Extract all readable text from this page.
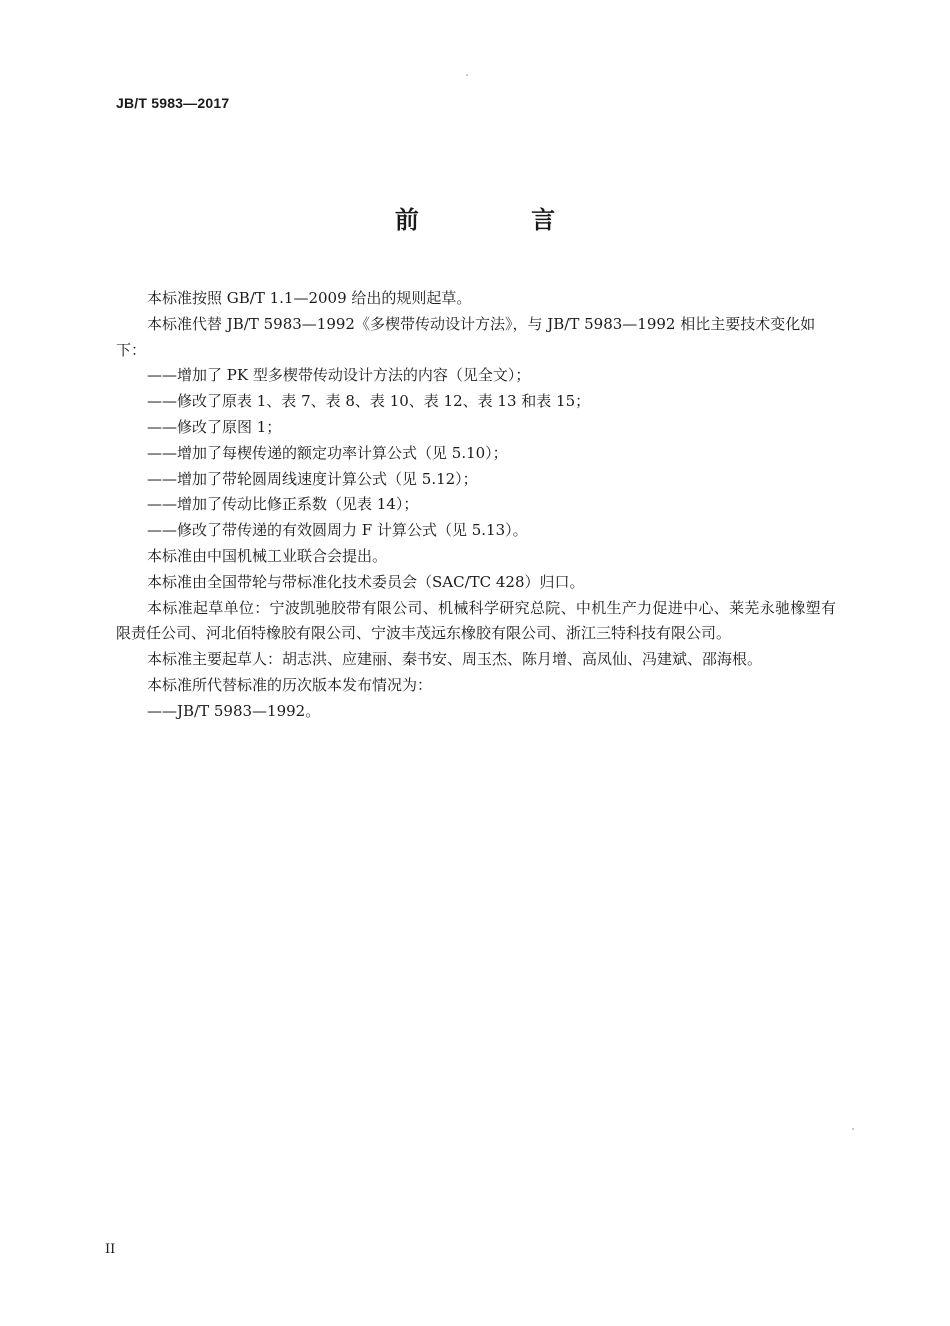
JB/T 5983—2017
前 言

本标准按照 GB/T 1.1—2009 给出的规则起草。

本标准代替 JB/T 5983—1992《多楔带传动设计方法》，与 JB/T 5983—1992 相比主要技术变化如下：

——增加了 PK 型多楔带传动设计方法的内容（见全文）；

——修改了原表 1、表 7、表 8、表 10、表 12、表 13 和表 15；

——修改了原图 1；

——增加了每楔传递的额定功率计算公式（见 5.10）；

——增加了带轮圆周线速度计算公式（见 5.12）；

——增加了传动比修正系数（见表 14）；

——修改了带传递的有效圆周力 F 计算公式（见 5.13）。

本标准由中国机械工业联合会提出。

本标准由全国带轮与带标准化技术委员会（SAC/TC 428）归口。

本标准起草单位：宁波凯驰胶带有限公司、机械科学研究总院、中机生产力促进中心、莱芜永驰橡塑有限责任公司、河北佰特橡胶有限公司、宁波丰茂远东橡胶有限公司、浙江三特科技有限公司。

本标准主要起草人：胡志洪、应建丽、秦书安、周玉杰、陈月增、高凤仙、冯建斌、邵海根。

本标准所代替标准的历次版本发布情况为：

——JB/T 5983—1992。

II
